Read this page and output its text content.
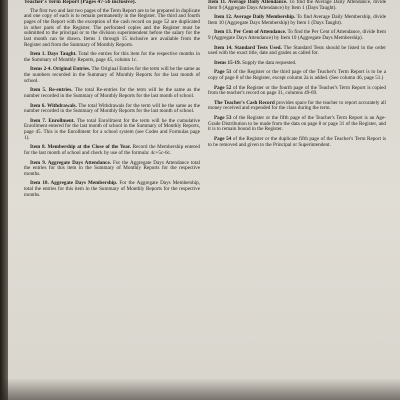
Teacher's Term Report (Pages 47-56 inclusive).

The first two and last two pages of the Term Report are to be prepared in duplicate and one copy of each is to remain permanently in the Register. The third and fourth pages of the Report with the exception of the cash record on page 52 are duplicated in other parts of the Register. The perforated copies and the Register must be submitted to the principal or to the division superintendent before the salary for the last month can be drawn. Items 1 through 15 inclusive are available from the Register and from the Summary of Monthly Reports.

Item 1. Days Taught. Total the entries for this item for the respective months in the Summary of Monthly Reports, page 45, column 1c.

Items 2-4. Original Entries. The Original Entries for the term will be the same as the numbers recorded in the Summary of Monthly Reports for the last month of school.

Item 5. Re-entries. The total Re-entries for the term will be the same as the number recorded in the Summary of Monthly Reports for the last month of school.

Item 6. Withdrawals. The total Withdrawals for the term will be the same as the number recorded in the Summary of Monthly Reports for the last month of school.

Item 7. Enrollment. The total Enrollment for the term will be the cumulative Enrollment entered for the last month of school in the Summary of Monthly Reports, page 45. This is the Enrollment for a school system (see Codes and Formulas page 1).

Item 8. Membership at the Close of the Year. Record the Membership entered for the last month of school and check by use of the formula: 4c+5c-6c.

Item 9. Aggregate Days Attendance. For the Aggregate Days Attendance total the entries for this item in the Summary of Monthly Reports for the respective months.

Item 10. Aggregate Days Membership. For the Aggregate Days Membership, total the entries for this item in the Summary of Monthly Reports for the respective months.

Item 11. Average Daily Attendance. To find the Average Daily Attendance, divide Item 9 (Aggregate Days Attendance) by Item 1 (Days Taught).

Item 12. Average Daily Membership. To find Average Daily Membership, divide Item 10 (Aggregate Days Membership) by Item 1 (Days Taught).

Item 13. Per Cent of Attendance. To find the Per Cent of Attendance, divide Item 9 (Aggregate Days Attendance) by Item 10 (Aggregate Days Membership).

Item 14. Standard Tests Used. The Standard Tests should be listed in the order used with the exact title, date and grades as called for.

Items 15-19. Supply the data requested.

Page 51 of the Register or the third page of the Teacher's Term Report is to be a copy of page 8 of the Register, except column 2a is added. (See column 46, page 51.)

Page 52 of the Register or the fourth page of the Teacher's Term Report is copied from the teacher's record on page 31, columns 49-69.

The Teacher's Cash Record provides space for the teacher to report accurately all money received and expended for the class during the term.

Page 53 of the Register or the fifth page of the Teacher's Term Report is an Age-Grade Distribution to be made from the data on page 8 or page 31 of the Register, and it is to remain bound in the Register.

Page 54 of the Register or the duplicate fifth page of the Teacher's Term Report is to be removed and given to the Principal or Superintendent.
